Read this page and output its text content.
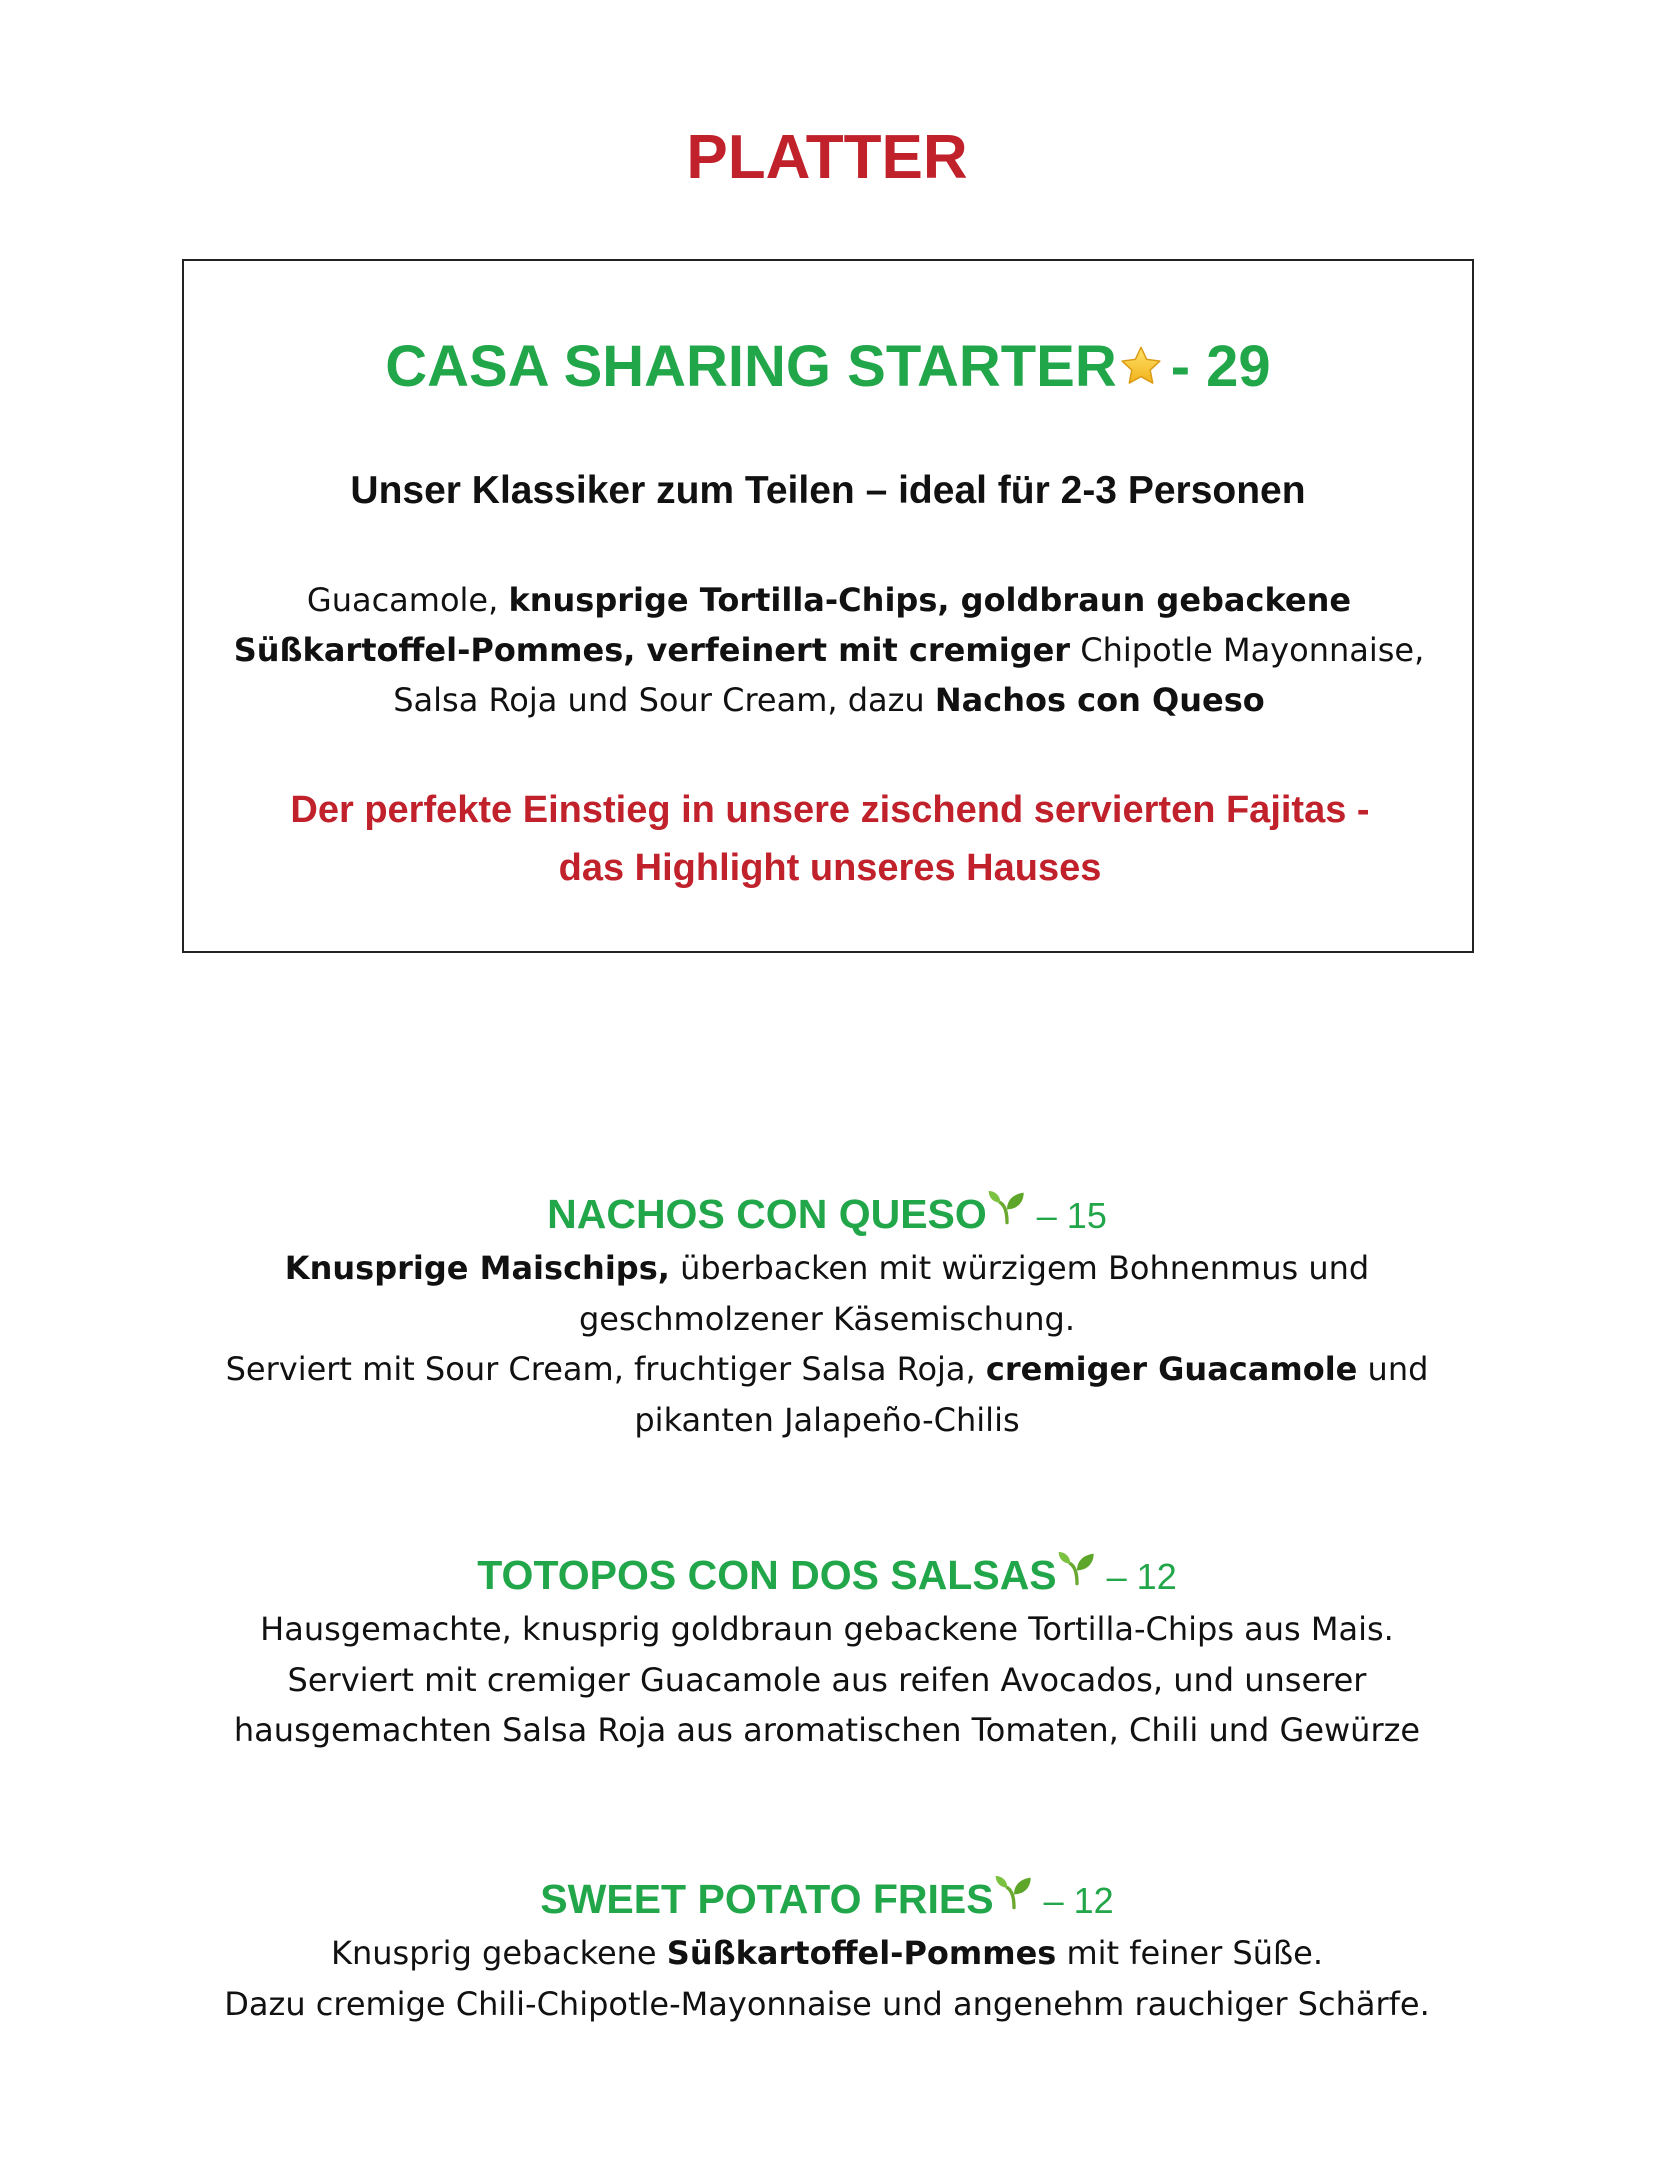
PLATTER
CASA SHARING STARTER - 29
Unser Klassiker zum Teilen – ideal für 2-3 Personen
Guacamole, knusprige Tortilla-Chips, goldbraun gebackene Süßkartoffel-Pommes, verfeinert mit cremiger Chipotle Mayonnaise, Salsa Roja und Sour Cream, dazu Nachos con Queso
Der perfekte Einstieg in unsere zischend servierten Fajitas -
das Highlight unseres Hauses
NACHOS CON QUESO – 15
Knusprige Maischips, überbacken mit würzigem Bohnenmus und geschmolzener Käsemischung.
Serviert mit Sour Cream, fruchtiger Salsa Roja, cremiger Guacamole und pikanten Jalapeño-Chilis
TOTOPOS CON DOS SALSAS – 12
Hausgemachte, knusprig goldbraun gebackene Tortilla-Chips aus Mais.
Serviert mit cremiger Guacamole aus reifen Avocados, und unserer
hausgemachten Salsa Roja aus aromatischen Tomaten, Chili und Gewürze
SWEET POTATO FRIES – 12
Knusprig gebackene Süßkartoffel-Pommes mit feiner Süße.
Dazu cremige Chili-Chipotle-Mayonnaise und angenehm rauchiger Schärfe.
